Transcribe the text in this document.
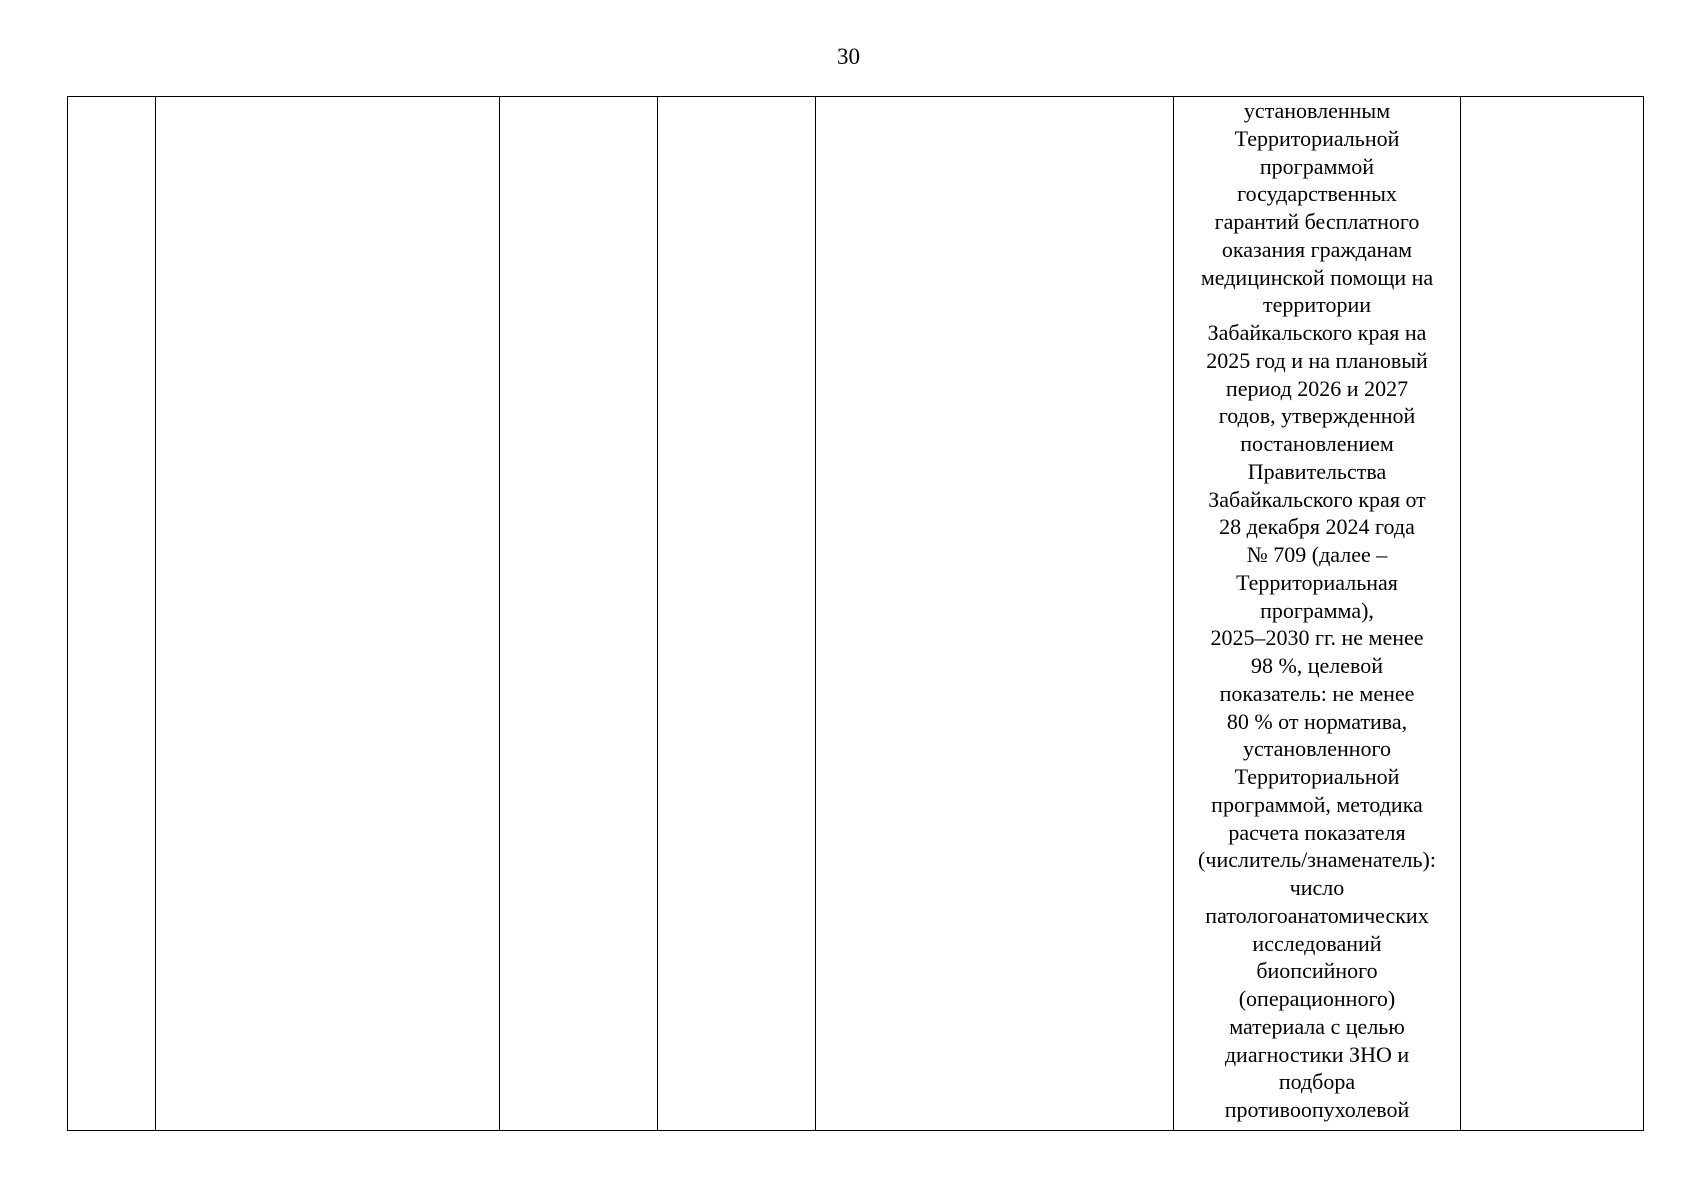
30

установленным
Территориальной
программой
государственных
гарантий бесплатного
оказания гражданам
медицинской помощи на
территории
Забайкальского края на
2025 год и на плановый
период 2026 и 2027
годов, утвержденной
постановлением
Правительства
Забайкальского края от
28 декабря 2024 года
№ 709 (далее –
Территориальная
программа),
2025–2030 гг. не менее
98 %, целевой
показатель: не менее
80 % от норматива,
установленного
Территориальной
программой, методика
расчета показателя
(числитель/знаменатель):
число
патологоанатомических
исследований
биопсийного
(операционного)
материала с целью
диагностики ЗНО и
подбора
противоопухолевой
